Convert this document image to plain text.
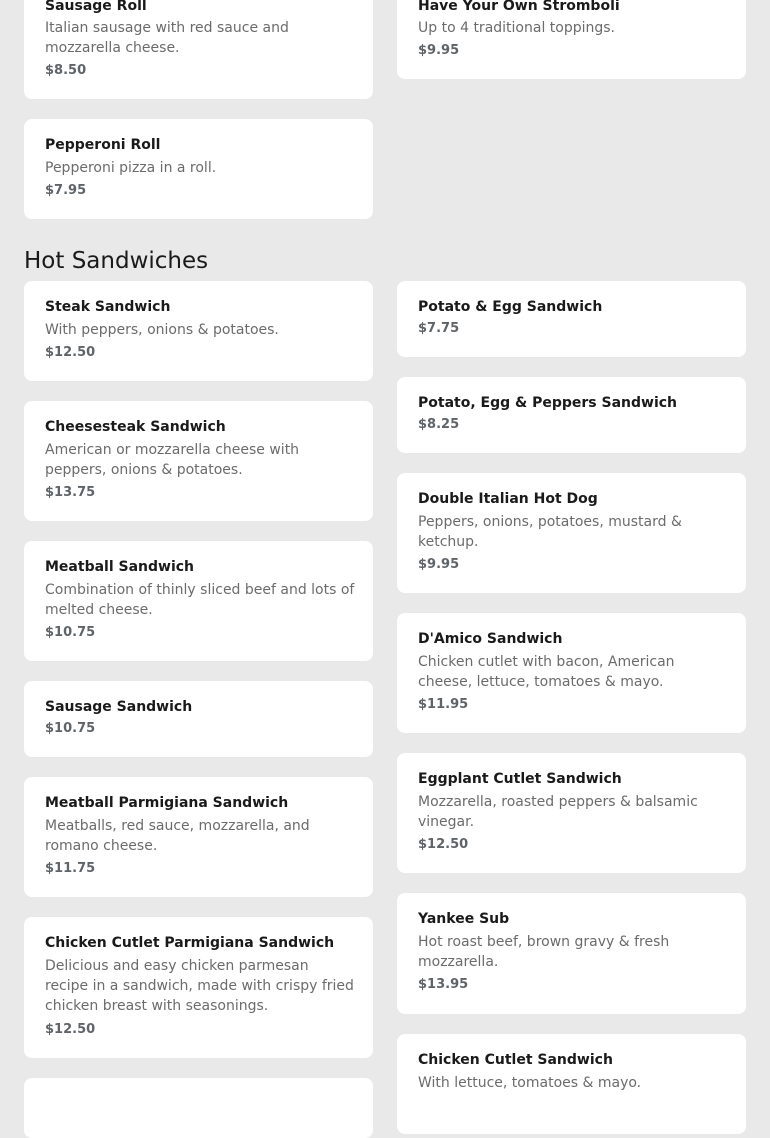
Sausage Roll
Italian sausage with red sauce and mozzarella cheese.
$8.50
Have Your Own Stromboli
Up to 4 traditional toppings.
$9.95
Pepperoni Roll
Pepperoni pizza in a roll.
$7.95
Hot Sandwiches
Steak Sandwich
With peppers, onions & potatoes.
$12.50
Cheesesteak Sandwich
American or mozzarella cheese with peppers, onions & potatoes.
$13.75
Meatball Sandwich
Combination of thinly sliced beef and lots of melted cheese.
$10.75
Sausage Sandwich
$10.75
Meatball Parmigiana Sandwich
Meatballs, red sauce, mozzarella, and romano cheese.
$11.75
Chicken Cutlet Parmigiana Sandwich
Delicious and easy chicken parmesan recipe in a sandwich, made with crispy fried chicken breast with seasonings.
$12.50
Potato & Egg Sandwich
$7.75
Potato, Egg & Peppers Sandwich
$8.25
Double Italian Hot Dog
Peppers, onions, potatoes, mustard & ketchup.
$9.95
D'Amico Sandwich
Chicken cutlet with bacon, American cheese, lettuce, tomatoes & mayo.
$11.95
Eggplant Cutlet Sandwich
Mozzarella, roasted peppers & balsamic vinegar.
$12.50
Yankee Sub
Hot roast beef, brown gravy & fresh mozzarella.
$13.95
Chicken Cutlet Sandwich
With lettuce, tomatoes & mayo.
